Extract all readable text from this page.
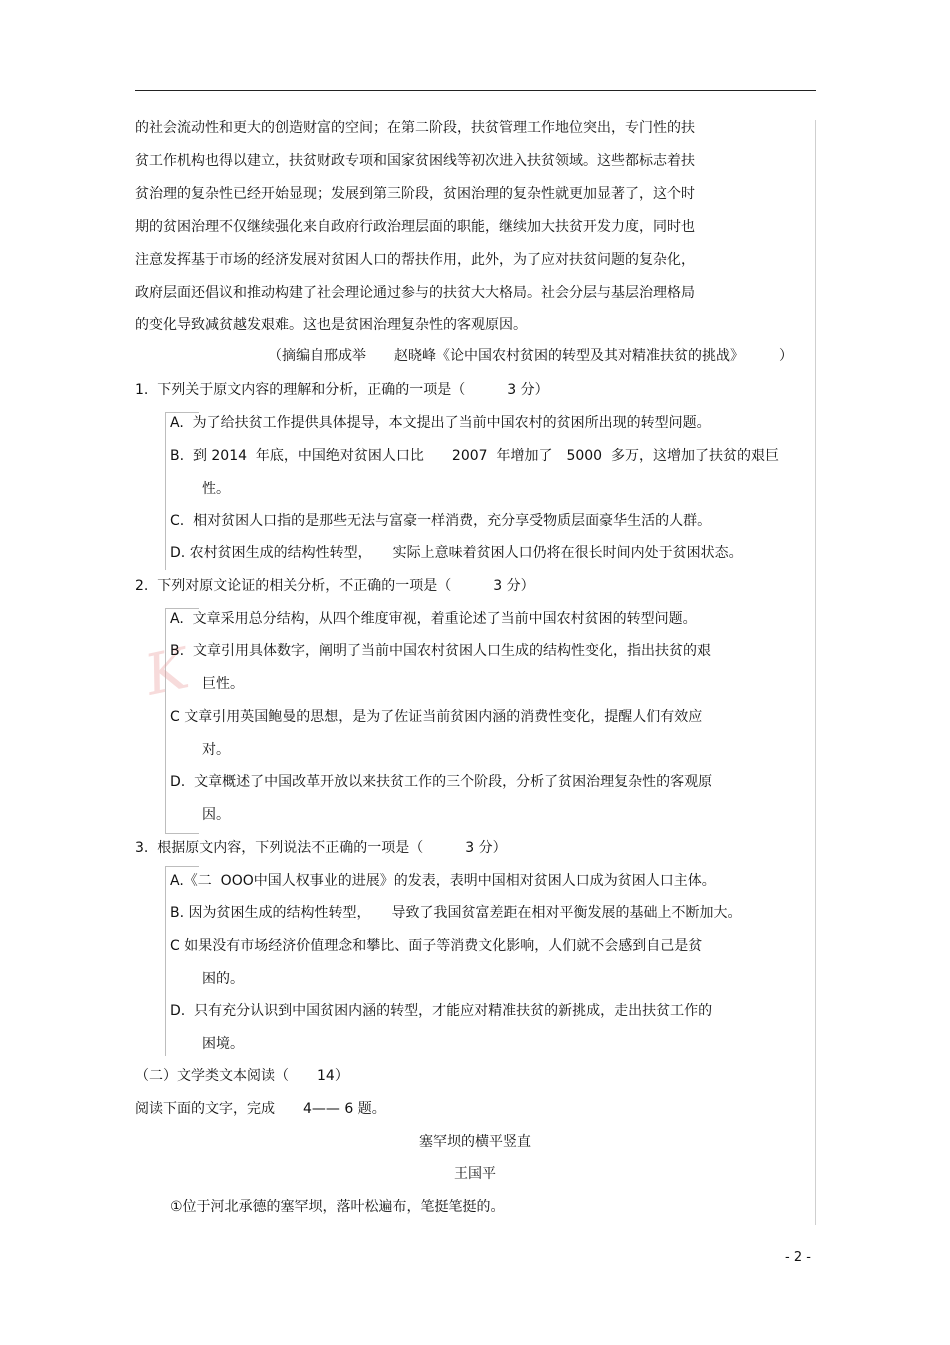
K
的社会流动性和更大的创造财富的空间；在第二阶段，扶贫管理工作地位突出，专门性的扶
贫工作机构也得以建立，扶贫财政专项和国家贫困线等初次进入扶贫领域。这些都标志着扶
贫治理的复杂性已经开始显现；发展到第三阶段，贫困治理的复杂性就更加显著了，这个时
期的贫困治理不仅继续强化来自政府行政治理层面的职能，继续加大扶贫开发力度，同时也
注意发挥基于市场的经济发展对贫困人口的帮扶作用，此外，为了应对扶贫问题的复杂化，
政府层面还倡议和推动构建了社会理论通过参与的扶贫大大格局。社会分层与基层治理格局
的变化导致减贫越发艰难。这也是贫困治理复杂性的客观原因。
（摘编自邢成举　　赵晓峰《论中国农村贫困的转型及其对精准扶贫的挑战》　　　）
1.  下列关于原文内容的理解和分析，正确的一项是（　　　3 分）
A.  为了给扶贫工作提供具体提导，本文提出了当前中国农村的贫困所出现的转型问题。
B.  到 2014  年底，中国绝对贫困人口比　　2007  年增加了　5000  多万，这增加了扶贫的艰巨
性。
C.  相对贫困人口指的是那些无法与富豪一样消费，充分享受物质层面豪华生活的人群。
D. 农村贫困生成的结构性转型，　　实际上意味着贫困人口仍将在很长时间内处于贫困状态。
2.  下列对原文论证的相关分析，不正确的一项是（　　　3 分）
A.  文章采用总分结构，从四个维度审视，着重论述了当前中国农村贫困的转型问题。
B.  文章引用具体数字，阐明了当前中国农村贫困人口生成的结构性变化，指出扶贫的艰
巨性。
C 文章引用英国鲍曼的思想，是为了佐证当前贫困内涵的消费性变化，提醒人们有效应
对。
D.  文章概述了中国改革开放以来扶贫工作的三个阶段，分析了贫困治理复杂性的客观原
因。
3.  根据原文内容，下列说法不正确的一项是（　　　3 分）
A.《二  OOO中国人权事业的进展》的发表，表明中国相对贫困人口成为贫困人口主体。
B. 因为贫困生成的结构性转型，　　导致了我国贫富差距在相对平衡发展的基础上不断加大。
C 如果没有市场经济价值理念和攀比、面子等消费文化影响，人们就不会感到自己是贫
困的。
D.  只有充分认识到中国贫困内涵的转型，才能应对精准扶贫的新挑成，走出扶贫工作的
困境。
（二）文学类文本阅读（　　14）
阅读下面的文字，完成　　4—— 6 题。
塞罕坝的横平竖直
王国平
①位于河北承德的塞罕坝，落叶松遍布，笔挺笔挺的。
- 2 -
